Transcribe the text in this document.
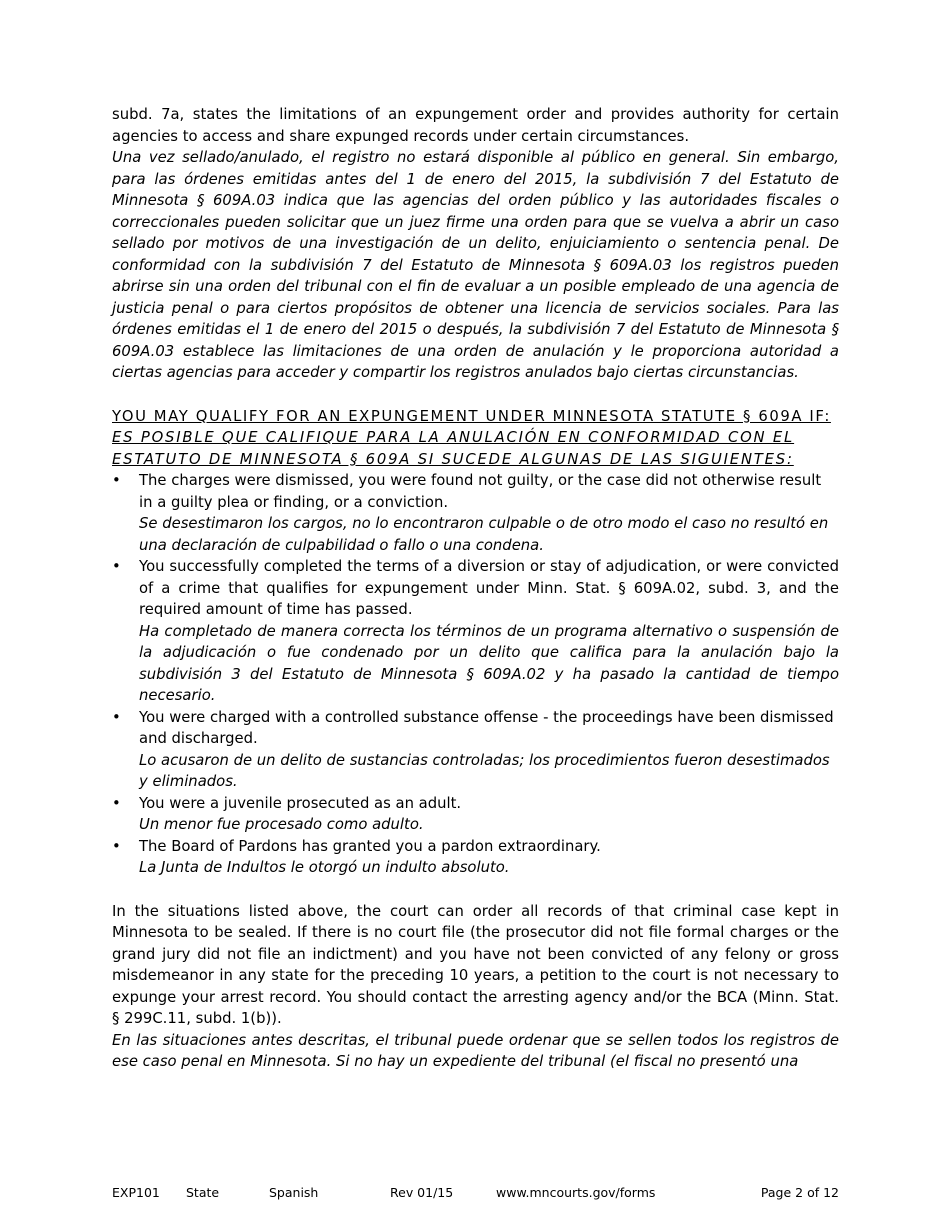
subd. 7a, states the limitations of an expungement order and provides authority for certain agencies to access and share expunged records under certain circumstances.

Una vez sellado/anulado, el registro no estará disponible al público en general. Sin embargo, para las órdenes emitidas antes del 1 de enero del 2015, la subdivisión 7 del Estatuto de Minnesota § 609A.03 indica que las agencias del orden público y las autoridades fiscales o correccionales pueden solicitar que un juez firme una orden para que se vuelva a abrir un caso sellado por motivos de una investigación de un delito, enjuiciamiento o sentencia penal. De conformidad con la subdivisión 7 del Estatuto de Minnesota § 609A.03 los registros pueden abrirse sin una orden del tribunal con el fin de evaluar a un posible empleado de una agencia de justicia penal o para ciertos propósitos de obtener una licencia de servicios sociales. Para las órdenes emitidas el 1 de enero del 2015 o después, la subdivisión 7 del Estatuto de Minnesota § 609A.03 establece las limitaciones de una orden de anulación y le proporciona autoridad a ciertas agencias para acceder y compartir los registros anulados bajo ciertas circunstancias.

YOU MAY QUALIFY FOR AN EXPUNGEMENT UNDER MINNESOTA STATUTE § 609A IF:

ES POSIBLE QUE CALIFIQUE PARA LA ANULACIÓN EN CONFORMIDAD CON EL ESTATUTO DE MINNESOTA § 609A SI SUCEDE ALGUNAS DE LAS SIGUIENTES:

• The charges were dismissed, you were found not guilty, or the case did not otherwise result in a guilty plea or finding, or a conviction.

Se desestimaron los cargos, no lo encontraron culpable o de otro modo el caso no resultó en una declaración de culpabilidad o fallo o una condena.

• You successfully completed the terms of a diversion or stay of adjudication, or were convicted of a crime that qualifies for expungement under Minn. Stat. § 609A.02, subd. 3, and the required amount of time has passed.

Ha completado de manera correcta los términos de un programa alternativo o suspensión de la adjudicación o fue condenado por un delito que califica para la anulación bajo la subdivisión 3 del Estatuto de Minnesota § 609A.02 y ha pasado la cantidad de tiempo necesario.

• You were charged with a controlled substance offense - the proceedings have been dismissed and discharged.

Lo acusaron de un delito de sustancias controladas; los procedimientos fueron desestimados y eliminados.

• You were a juvenile prosecuted as an adult.

Un menor fue procesado como adulto.

• The Board of Pardons has granted you a pardon extraordinary.

La Junta de Indultos le otorgó un indulto absoluto.

In the situations listed above, the court can order all records of that criminal case kept in Minnesota to be sealed. If there is no court file (the prosecutor did not file formal charges or the grand jury did not file an indictment) and you have not been convicted of any felony or gross misdemeanor in any state for the preceding 10 years, a petition to the court is not necessary to expunge your arrest record. You should contact the arresting agency and/or the BCA (Minn. Stat. § 299C.11, subd. 1(b)).

En las situaciones antes descritas, el tribunal puede ordenar que se sellen todos los registros de ese caso penal en Minnesota. Si no hay un expediente del tribunal (el fiscal no presentó una

EXP101 State	Spanish	Rev 01/15	www.mncourts.gov/forms	Page 2 of 12
